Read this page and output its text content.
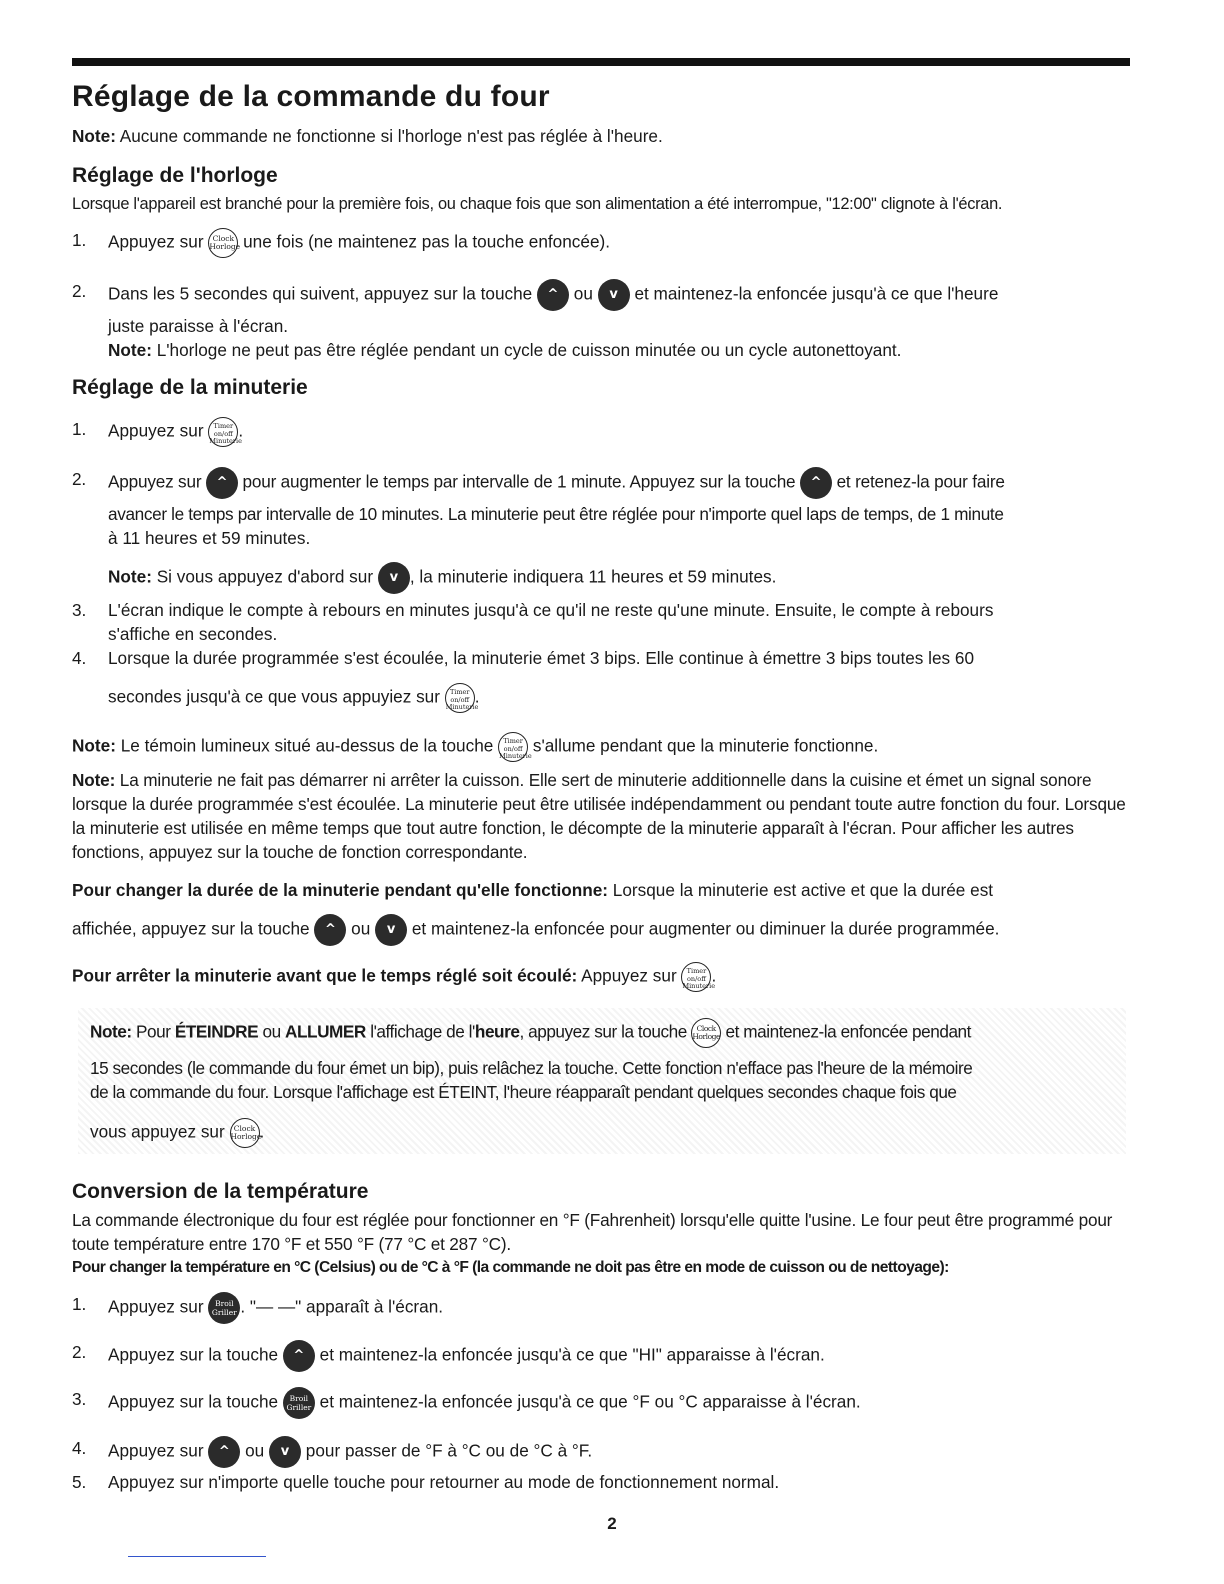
Réglage de la commande du four

Note: Aucune commande ne fonctionne si l'horloge n'est pas réglée à l'heure.

Réglage de l'horloge

Lorsque l'appareil est branché pour la première fois, ou chaque fois que son alimentation a été interrompue, "12:00" clignote à l'écran.

1.	Appuyez sur Clock
Horloge une fois (ne maintenez pas la touche enfoncée).
2.	Dans les 5 secondes qui suivent, appuyez sur la touche ^ ou v et maintenez-la enfoncée jusqu'à ce que l'heure

juste paraisse à l'écran.

Note: L'horloge ne peut pas être réglée pendant un cycle de cuisson minutée ou un cycle autonettoyant.

Réglage de la minuterie
1.	Appuyez sur Timer
on/off
Minuterie.
2.	Appuyez sur ^ pour augmenter le temps par intervalle de 1 minute. Appuyez sur la touche ^ et retenez-la pour faire

avancer le temps par intervalle de 10 minutes. La minuterie peut être réglée pour n'importe quel laps de temps, de 1 minute

à 11 heures et 59 minutes.

Note: Si vous appuyez d'abord sur v , la minuterie indiquera 11 heures et 59 minutes.

3.	L'écran indique le compte à rebours en minutes jusqu'à ce qu'il ne reste qu'une minute. Ensuite, le compte à rebours
s'affiche en secondes.
4.	Lorsque la durée programmée s'est écoulée, la minuterie émet 3 bips. Elle continue à émettre 3 bips toutes les 60

secondes jusqu'à ce que vous appuyiez sur Timer
on/off
Minuterie.

Note: Le témoin lumineux situé au-dessus de la touche Timer
on/off
Minuterie s'allume pendant que la minuterie fonctionne.

Note: La minuterie ne fait pas démarrer ni arrêter la cuisson. Elle sert de minuterie additionnelle dans la cuisine et émet un signal sonore lorsque la durée programmée s'est écoulée. La minuterie peut être utilisée indépendamment ou pendant toute autre fonction du four. Lorsque la minuterie est utilisée en même temps que tout autre fonction, le décompte de la minuterie apparaît à l'écran. Pour afficher les autres fonctions, appuyez sur la touche de fonction correspondante.

Pour changer la durée de la minuterie pendant qu'elle fonctionne: Lorsque la minuterie est active et que la durée est

affichée, appuyez sur la touche ^ ou v et maintenez-la enfoncée pour augmenter ou diminuer la durée programmée.

Pour arrêter la minuterie avant que le temps réglé soit écoulé: Appuyez sur Timer
on/off
Minuterie.

Note: Pour ÉTEINDRE ou ALLUMER l'affichage de l'heure, appuyez sur la touche Clock
Horloge et maintenez-la enfoncée pendant

15 secondes (le commande du four émet un bip), puis relâchez la touche. Cette fonction n'efface pas l'heure de la mémoire

de la commande du four. Lorsque l'affichage est ÉTEINT, l'heure réapparaît pendant quelques secondes chaque fois que

vous appuyez sur Clock
Horloge.

Conversion de la température

La commande électronique du four est réglée pour fonctionner en °F (Fahrenheit) lorsqu'elle quitte l'usine. Le four peut être programmé pour toute température entre 170 °F et 550 °F (77 °C et 287 °C).

Pour changer la température en °C (Celsius) ou de °C à °F (la commande ne doit pas être en mode de cuisson ou de nettoyage):

1.	Appuyez sur Broil
Griller . "— —" apparaît à l'écran.
2.	Appuyez sur la touche ^ et maintenez-la enfoncée jusqu'à ce que "HI" apparaisse à l'écran.
3.	Appuyez sur la touche Broil
Griller et maintenez-la enfoncée jusqu'à ce que °F ou °C apparaisse à l'écran.
4.	Appuyez sur ^ ou v pour passer de °F à °C ou de °C à °F.
5.	Appuyez sur n'importe quelle touche pour retourner au mode de fonctionnement normal.
2
